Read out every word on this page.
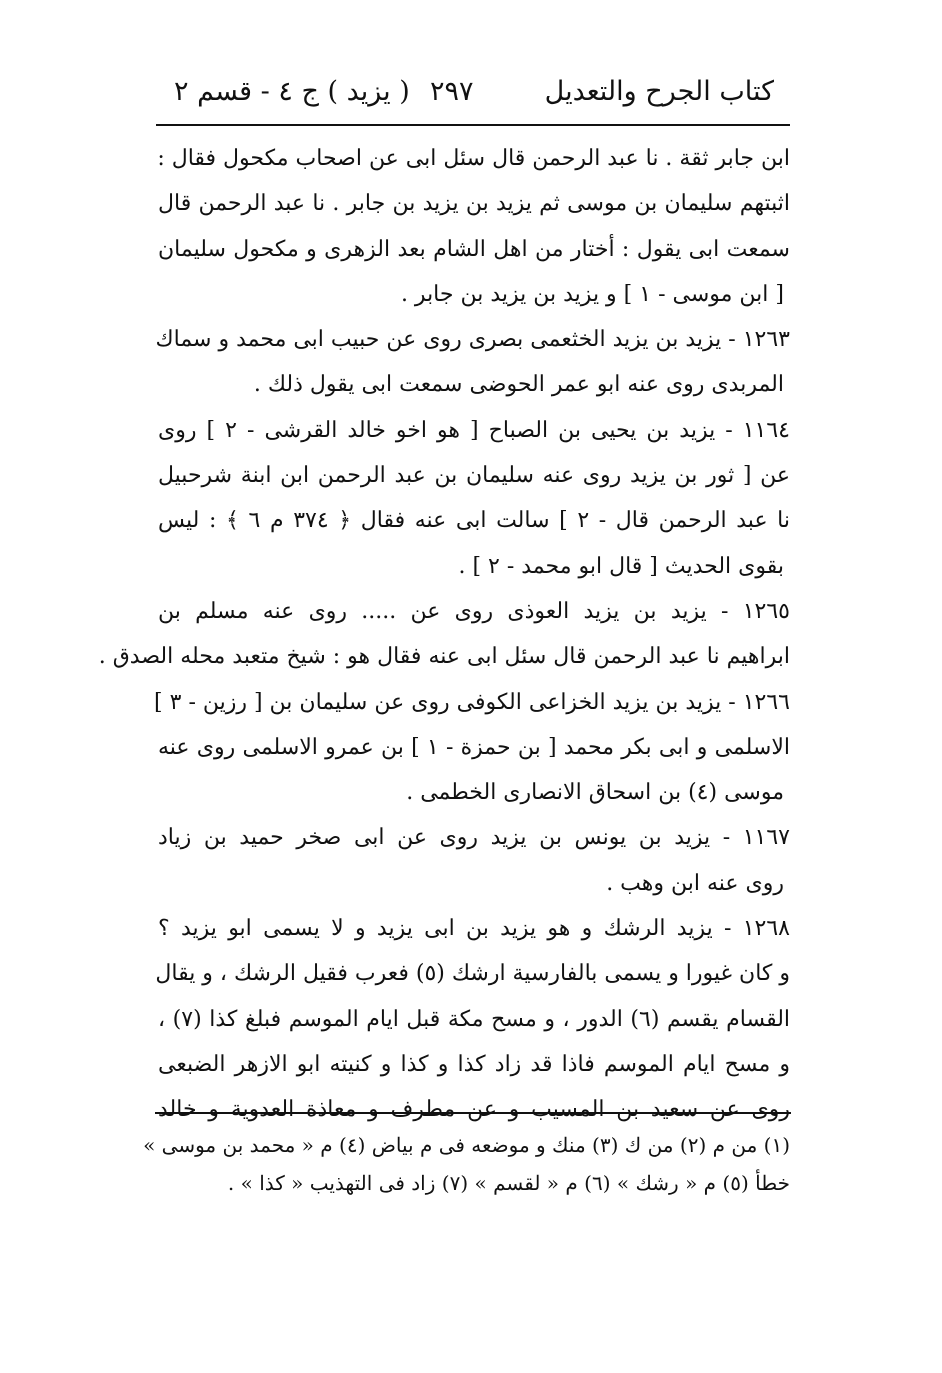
كتاب الجرح والتعديل
٢٩٧
( يزيد ) ج ٤ - قسم ٢
ابن جابر ثقة . نا عبد الرحمن قال سئل ابى عن اصحاب مكحول فقال :
اثبتهم سليمان بن موسى ثم يزيد بن يزيد بن جابر . نا عبد الرحمن قال
سمعت ابى يقول : أختار من اهل الشام بعد الزهرى و مكحول سليمان
[ ابن موسى - ١ ] و يزيد بن يزيد بن جابر .
١٢٦٣ - يزيد بن يزيد الخثعمى بصرى روى عن حبيب ابى محمد و سماك
المربدى روى عنه ابو عمر الحوضى سمعت ابى يقول ذلك .
١١٦٤ - يزيد بن يحيى بن الصباح [ هو اخو خالد القرشى - ٢ ] روى
عن [ ثور بن يزيد روى عنه سليمان بن عبد الرحمن ابن ابنة شرحبيل
نا عبد الرحمن قال - ٢ ] سالت ابى عنه فقال ﴿ ٣٧٤ م ٦ ﴾ : ليس
بقوى الحديث [ قال ابو محمد - ٢ ] .
١٢٦٥ - يزيد بن يزيد العوذى روى عن ..... روى عنه مسلم بن
ابراهيم نا عبد الرحمن قال سئل ابى عنه فقال هو : شيخ متعبد محله الصدق .
١٢٦٦ - يزيد بن يزيد الخزاعى الكوفى روى عن سليمان بن [ رزين - ٣ ]
الاسلمى و ابى بكر محمد [ بن حمزة - ١ ] بن عمرو الاسلمى روى عنه
موسى (٤) بن اسحاق الانصارى الخطمى .
١١٦٧ - يزيد بن يونس بن يزيد روى عن ابى صخر حميد بن زياد
روى عنه ابن وهب .
١٢٦٨ - يزيد الرشك و هو يزيد بن ابى يزيد و لا يسمى ابو يزيد ؟
و كان غيورا و يسمى بالفارسية ارشك (٥) فعرب فقيل الرشك ، و يقال
القسام يقسم (٦) الدور ، و مسح مكة قبل ايام الموسم فبلغ كذا (٧) ،
و مسح ايام الموسم فاذا قد زاد كذا و كذا و كنيته ابو الازهر الضبعى
روى عن سعيد بن المسيب و عن مطرف و معاذة العدوية و خالد
(١) من م (٢) من ك (٣) منك و موضعه فى م بياض (٤) م « محمد بن موسى »
خطأ (٥) م « رشك » (٦) م « لقسم » (٧) زاد فى التهذيب « كذا » .
